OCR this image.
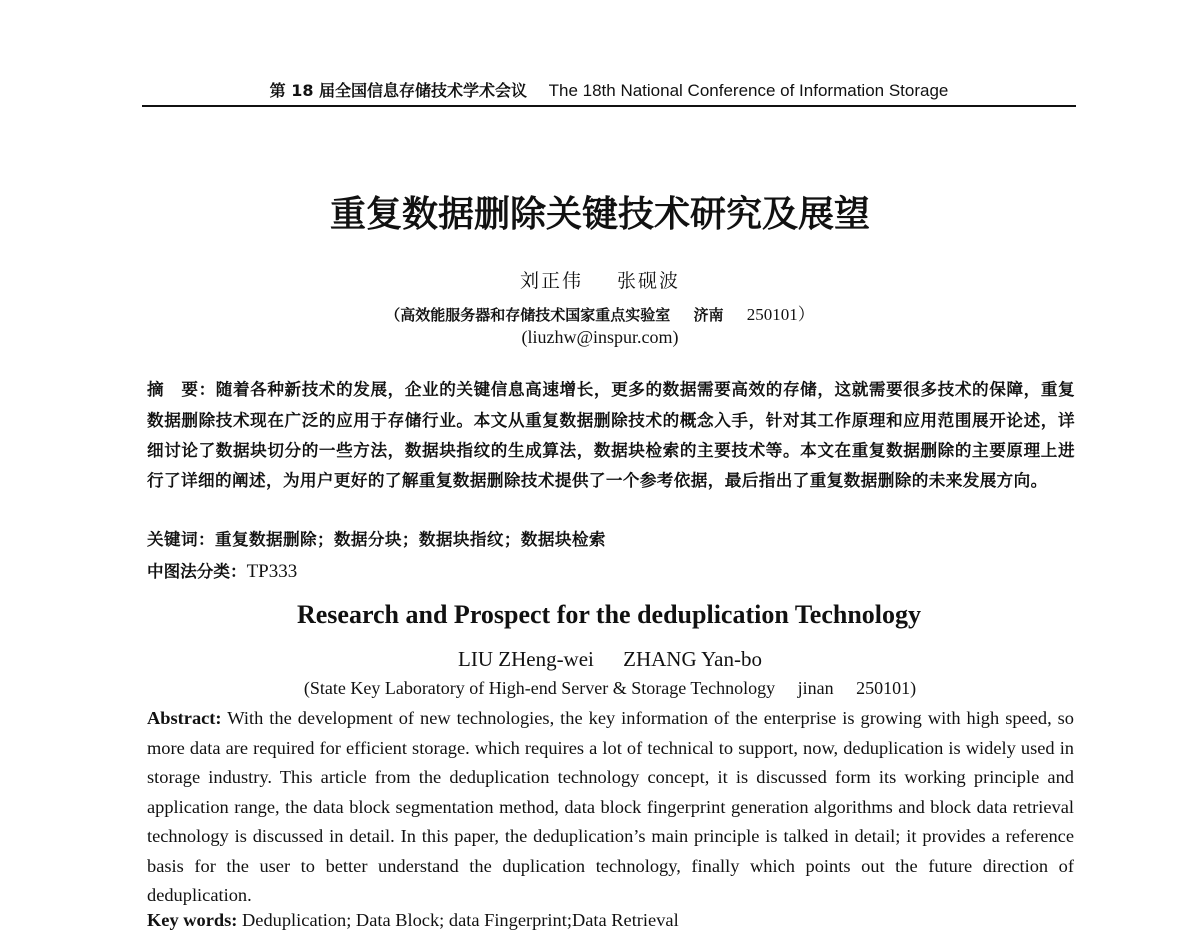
第 18 届全国信息存储技术学术会议 The 18th National Conference of Information Storage
重复数据删除关键技术研究及展望
刘正伟 张砚波
（高效能服务器和存储技术国家重点实验室 济南 250101）
(liuzhw@inspur.com)
摘　要：随着各种新技术的发展，企业的关键信息高速增长，更多的数据需要高效的存储，这就需要很多技术的保障，重复数据删除技术现在广泛的应用于存储行业。本文从重复数据删除技术的概念入手，针对其工作原理和应用范围展开论述，详细讨论了数据块切分的一些方法，数据块指纹的生成算法，数据块检索的主要技术等。本文在重复数据删除的主要原理上进行了详细的阐述，为用户更好的了解重复数据删除技术提供了一个参考依据，最后指出了重复数据删除的未来发展方向。
关键词：重复数据删除；数据分块；数据块指纹；数据块检索
中图法分类：TP333
Research and Prospect for the deduplication Technology
LIU ZHeng-wei ZHANG Yan-bo
(State Key Laboratory of High-end Server & Storage Technology jinan 250101)
Abstract: With the development of new technologies, the key information of the enterprise is growing with high speed, so more data are required for efficient storage. which requires a lot of technical to support, now, deduplication is widely used in storage industry. This article from the deduplication technology concept, it is discussed form its working principle and application range, the data block segmentation method, data block fingerprint generation algorithms and block data retrieval technology is discussed in detail. In this paper, the deduplication’s main principle is talked in detail; it provides a reference basis for the user to better understand the duplication technology, finally which points out the future direction of deduplication.
Key words: Deduplication; Data Block; data Fingerprint;Data Retrieval
